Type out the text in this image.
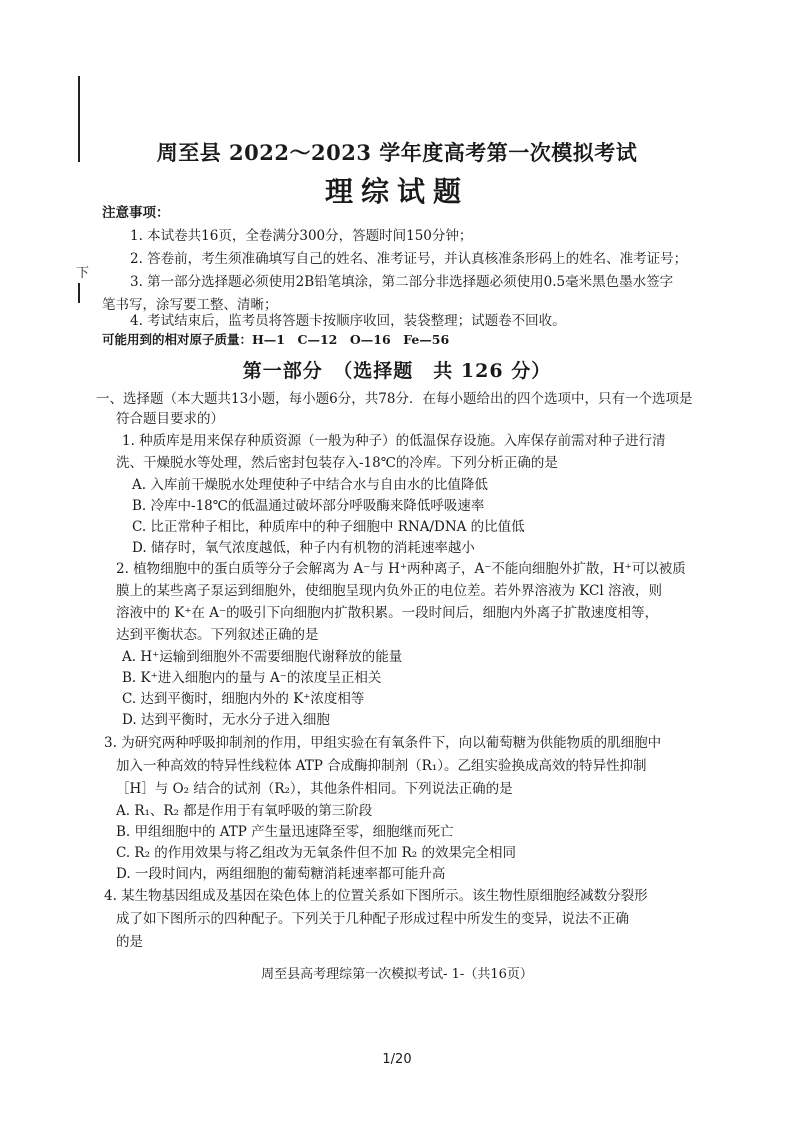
下
周至县 2022～2023 学年度高考第一次模拟考试
理综试题
注意事项：
1. 本试卷共16页，全卷满分300分，答题时间150分钟；
2. 答卷前，考生须准确填写自己的姓名、准考证号，并认真核准条形码上的姓名、准考证号；
3. 第一部分选择题必须使用2B铅笔填涂，第二部分非选择题必须使用0.5毫米黑色墨水签字
笔书写，涂写要工整、清晰；
4. 考试结束后，监考员将答题卡按顺序收回，装袋整理；试题卷不回收。
可能用到的相对原子质量：H—1　C—12　O—16　Fe—56
第一部分　（选择题　共 126 分）
一、选择题（本大题共13小题，每小题6分，共78分．在每小题给出的四个选项中，只有一个选项是
符合题目要求的）
1. 种质库是用来保存种质资源（一般为种子）的低温保存设施。入库保存前需对种子进行清
洗、干燥脱水等处理，然后密封包装存入-18℃的冷库。下列分析正确的是
A. 入库前干燥脱水处理使种子中结合水与自由水的比值降低
B. 冷库中-18℃的低温通过破坏部分呼吸酶来降低呼吸速率
C. 比正常种子相比，种质库中的种子细胞中 RNA/DNA 的比值低
D. 储存时，氧气浓度越低，种子内有机物的消耗速率越小
2. 植物细胞中的蛋白质等分子会解离为 A⁻与 H⁺两种离子，A⁻不能向细胞外扩散，H⁺可以被质
膜上的某些离子泵运到细胞外，使细胞呈现内负外正的电位差。若外界溶液为 KCl 溶液，则
溶液中的 K⁺在 A⁻的吸引下向细胞内扩散积累。一段时间后，细胞内外离子扩散速度相等，
达到平衡状态。下列叙述正确的是
A. H⁺运输到细胞外不需要细胞代谢释放的能量
B. K⁺进入细胞内的量与 A⁻的浓度呈正相关
C. 达到平衡时，细胞内外的 K⁺浓度相等
D. 达到平衡时，无水分子进入细胞
3. 为研究两种呼吸抑制剂的作用，甲组实验在有氧条件下，向以葡萄糖为供能物质的肌细胞中
加入一种高效的特异性线粒体 ATP 合成酶抑制剂（R₁）。乙组实验换成高效的特异性抑制
［H］与 O₂ 结合的试剂（R₂），其他条件相同。下列说法正确的是
A. R₁、R₂ 都是作用于有氧呼吸的第三阶段
B. 甲组细胞中的 ATP 产生量迅速降至零，细胞继而死亡
C. R₂ 的作用效果与将乙组改为无氧条件但不加 R₂ 的效果完全相同
D. 一段时间内，两组细胞的葡萄糖消耗速率都可能升高
4. 某生物基因组成及基因在染色体上的位置关系如下图所示。该生物性原细胞经减数分裂形
成了如下图所示的四种配子。下列关于几种配子形成过程中所发生的变异，说法不正确
的是
周至县高考理综第一次模拟考试- 1-（共16页）
1/20
